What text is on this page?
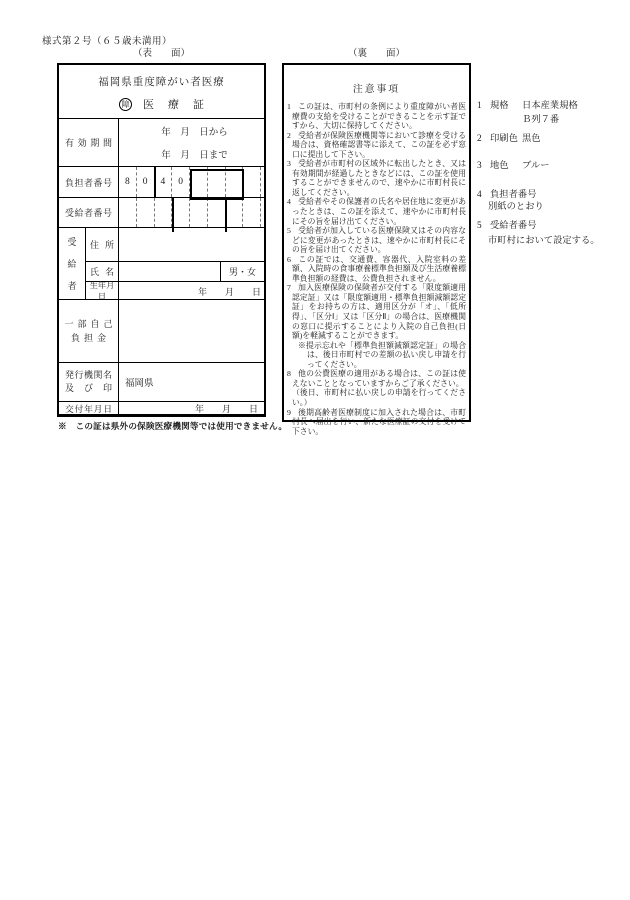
様式第２号（６５歳未満用）
（表　　面）	（裏　　面）
福岡県重度障がい者医療
障 医療証
有効期間
年　月　日から
年　月　日まで
負担者番号	8	0	4	0
受給者番号
受
給
者
住所
氏名	男・女
生年月日	年　　月　　日
一部自己
負担金
発行機関名
及び印	福岡県
交付年月日	年　　月　　日
注意事項
1 この証は、市町村の条例により重度障がい者医療費の支給を受けることができることを示す証ですから、大切に保持してください。
2 受給者が保険医療機関等において診療を受ける場合は、資格確認書等に添えて、この証を必ず窓口に提出して下さい。
3 受給者が市町村の区域外に転出したとき、又は有効期間が経過したときなどには、この証を使用することができませんので、速やかに市町村長に返してください。
4 受給者やその保護者の氏名や居住地に変更があったときは、この証を添えて、速やかに市町村長にその旨を届け出てください。
5 受給者が加入している医療保険又はその内容などに変更があったときは、速やかに市町村長にその旨を届け出てください。
6 この証では、交通費、容器代、入院室料の差額、入院時の食事療養標準負担額及び生活療養標準負担額の経費は、公費負担されません。
7 加入医療保険の保険者が交付する「限度額適用認定証」又は「限度額適用・標準負担額減額認定証」をお持ちの方は、適用区分が「オ」、「低所得」、「区分Ⅰ」又は「区分Ⅱ」の場合は、医療機関の窓口に提示することにより入院の自己負担(日額)を軽減することができます。
※提示忘れや「標準負担額減額認定証」の場合は、後日市町村での差額の払い戻し申請を行ってください。
8 他の公費医療の適用がある場合は、この証は使えないこととなっていますからご了承ください。
（後日、市町村に払い戻しの申請を行ってください。）
9 後期高齢者医療制度に加入された場合は、市町村長へ届出を行い、新たな医療証の交付を受けて下さい。
1 規格 日本産業規格
Ｂ列７番
2 印刷色 黒色
3 地色 ブルー
4 負担者番号
別紙のとおり
5 受給者番号
市町村において設定する。
※　この証は県外の保険医療機関等では使用できません。
